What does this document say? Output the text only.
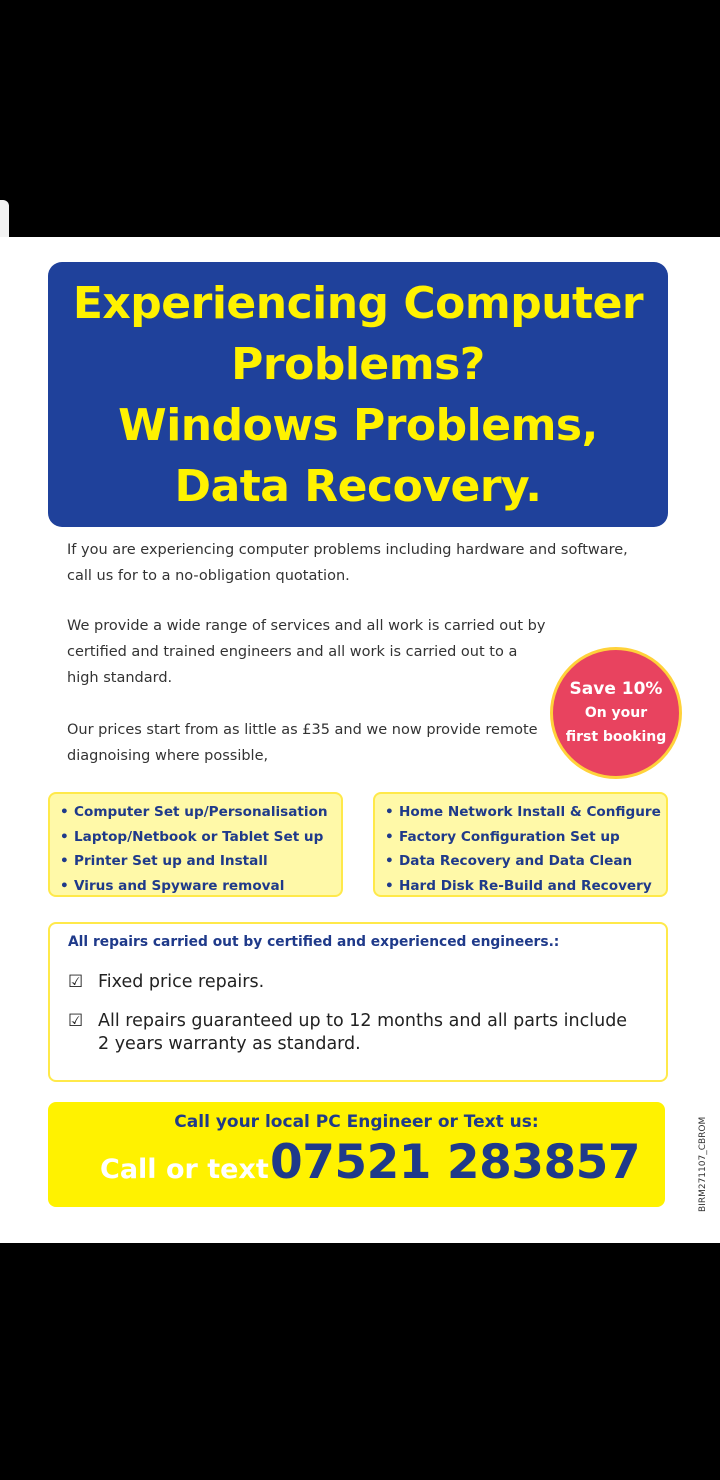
Experiencing Computer
Problems?
Windows Problems,
Data Recovery.

If you are experiencing computer problems including hardware and software,
call us for to a no-obligation quotation.

We provide a wide range of services and all work is carried out by
certified and trained engineers and all work is carried out to a
high standard.

Our prices start from as little as £35 and we now provide remote
diagnoising where possible,

Save 10%
On your
first booking
• Computer Set up/Personalisation
• Laptop/Netbook or Tablet Set up
• Printer Set up and Install
• Virus and Spyware removal
• Home Network Install & Configure
• Factory Configuration Set up
• Data Recovery and Data Clean
• Hard Disk Re-Build and Recovery

All repairs carried out by certified and experienced engineers.:

☑ Fixed price repairs.
☑ All repairs guaranteed up to 12 months and all parts include
2 years warranty as standard.
Call your local PC Engineer or Text us:
Call or text 07521 283857	BIRM271107_CBROM
